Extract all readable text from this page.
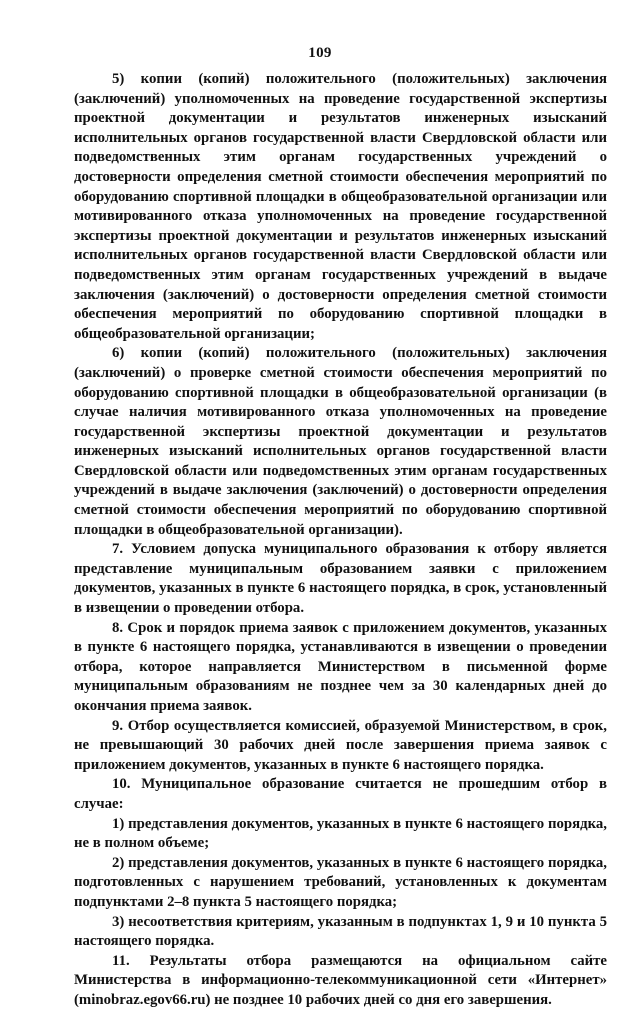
109

5) копии (копий) положительного (положительных) заключения (заключений) уполномоченных на проведение государственной экспертизы проектной документации и результатов инженерных изысканий исполнительных органов государственной власти Свердловской области или подведомственных этим органам государственных учреждений о достоверности определения сметной стоимости обеспечения мероприятий по оборудованию спортивной площадки в общеобразовательной организации или мотивированного отказа уполномоченных на проведение государственной экспертизы проектной документации и результатов инженерных изысканий исполнительных органов государственной власти Свердловской области или подведомственных этим органам государственных учреждений в выдаче заключения (заключений) о достоверности определения сметной стоимости обеспечения мероприятий по оборудованию спортивной площадки в общеобразовательной организации;

6) копии (копий) положительного (положительных) заключения (заключений) о проверке сметной стоимости обеспечения мероприятий по оборудованию спортивной площадки в общеобразовательной организации (в случае наличия мотивированного отказа уполномоченных на проведение государственной экспертизы проектной документации и результатов инженерных изысканий исполнительных органов государственной власти Свердловской области или подведомственных этим органам государственных учреждений в выдаче заключения (заключений) о достоверности определения сметной стоимости обеспечения мероприятий по оборудованию спортивной площадки в общеобразовательной организации).

7. Условием допуска муниципального образования к отбору является представление муниципальным образованием заявки с приложением документов, указанных в пункте 6 настоящего порядка, в срок, установленный в извещении о проведении отбора.

8. Срок и порядок приема заявок с приложением документов, указанных в пункте 6 настоящего порядка, устанавливаются в извещении о проведении отбора, которое направляется Министерством в письменной форме муниципальным образованиям не позднее чем за 30 календарных дней до окончания приема заявок.

9. Отбор осуществляется комиссией, образуемой Министерством, в срок, не превышающий 30 рабочих дней после завершения приема заявок с приложением документов, указанных в пункте 6 настоящего порядка.

10. Муниципальное образование считается не прошедшим отбор в случае:

1) представления документов, указанных в пункте 6 настоящего порядка, не в полном объеме;

2) представления документов, указанных в пункте 6 настоящего порядка, подготовленных с нарушением требований, установленных к документам подпунктами 2–8 пункта 5 настоящего порядка;

3) несоответствия критериям, указанным в подпунктах 1, 9 и 10 пункта 5 настоящего порядка.

11. Результаты отбора размещаются на официальном сайте Министерства в информационно-телекоммуникационной сети «Интернет» (minobraz.egov66.ru) не позднее 10 рабочих дней со дня его завершения.
